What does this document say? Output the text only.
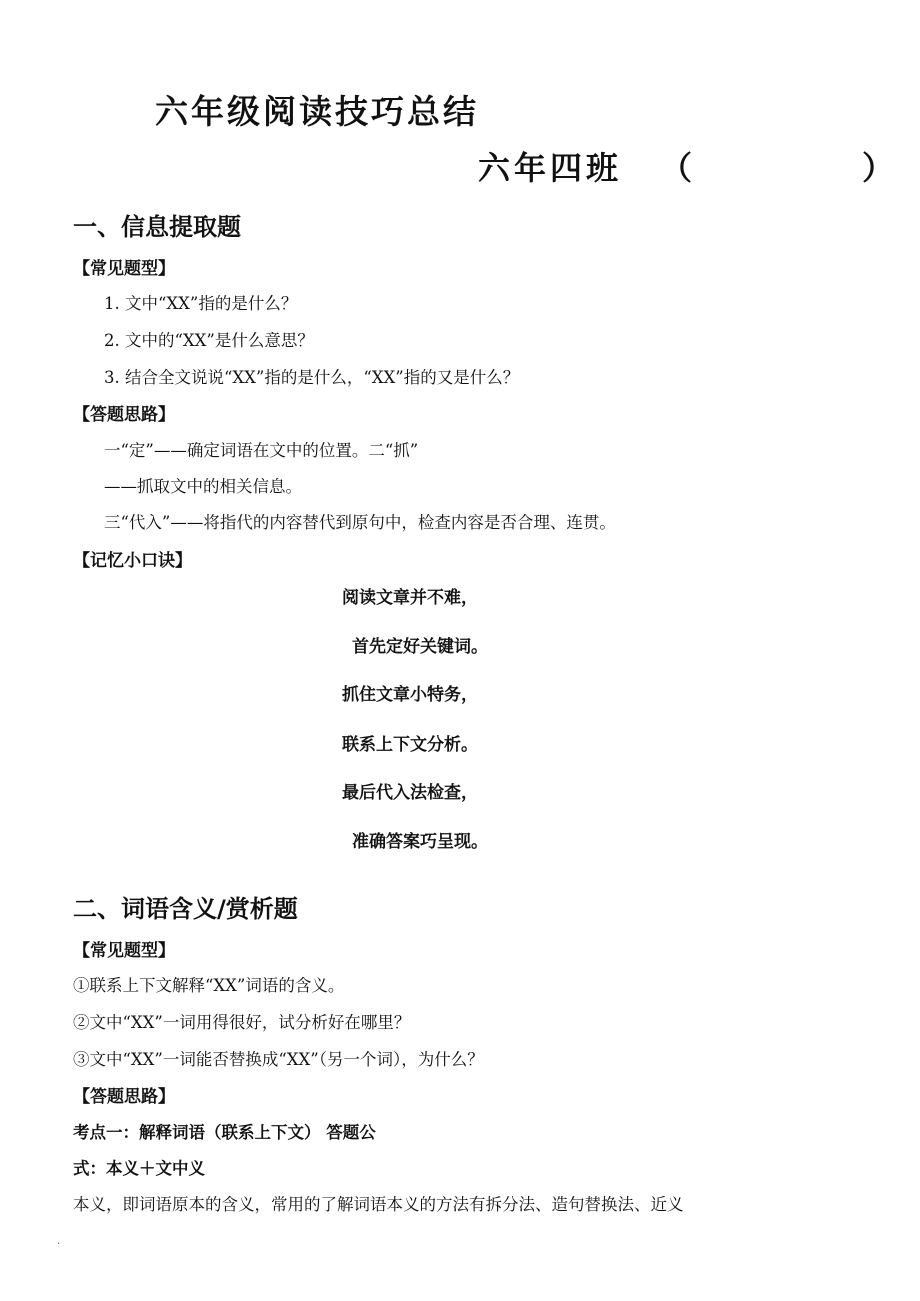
六年级阅读技巧总结
六年四班 （	）
一、信息提取题
【常见题型】
1. 文中“XX”指的是什么？
2. 文中的“XX”是什么意思？
3. 结合全文说说“XX”指的是什么，“XX”指的又是什么？
【答题思路】
一“定”——确定词语在文中的位置。二“抓”
——抓取文中的相关信息。
三“代入”——将指代的内容替代到原句中，检查内容是否合理、连贯。
【记忆小口诀】
阅读文章并不难，
首先定好关键词。
抓住文章小特务，
联系上下文分析。
最后代入法检查，
准确答案巧呈现。
二、词语含义/赏析题
【常见题型】
①联系上下文解释“XX”词语的含义。
②文中“XX”一词用得很好，试分析好在哪里？
③文中“XX”一词能否替换成“XX”（另一个词），为什么？
【答题思路】
考点一：解释词语（联系上下文） 答题公
式：本义＋文中义
本义，即词语原本的含义，常用的了解词语本义的方法有拆分法、造句替换法、近义
.
